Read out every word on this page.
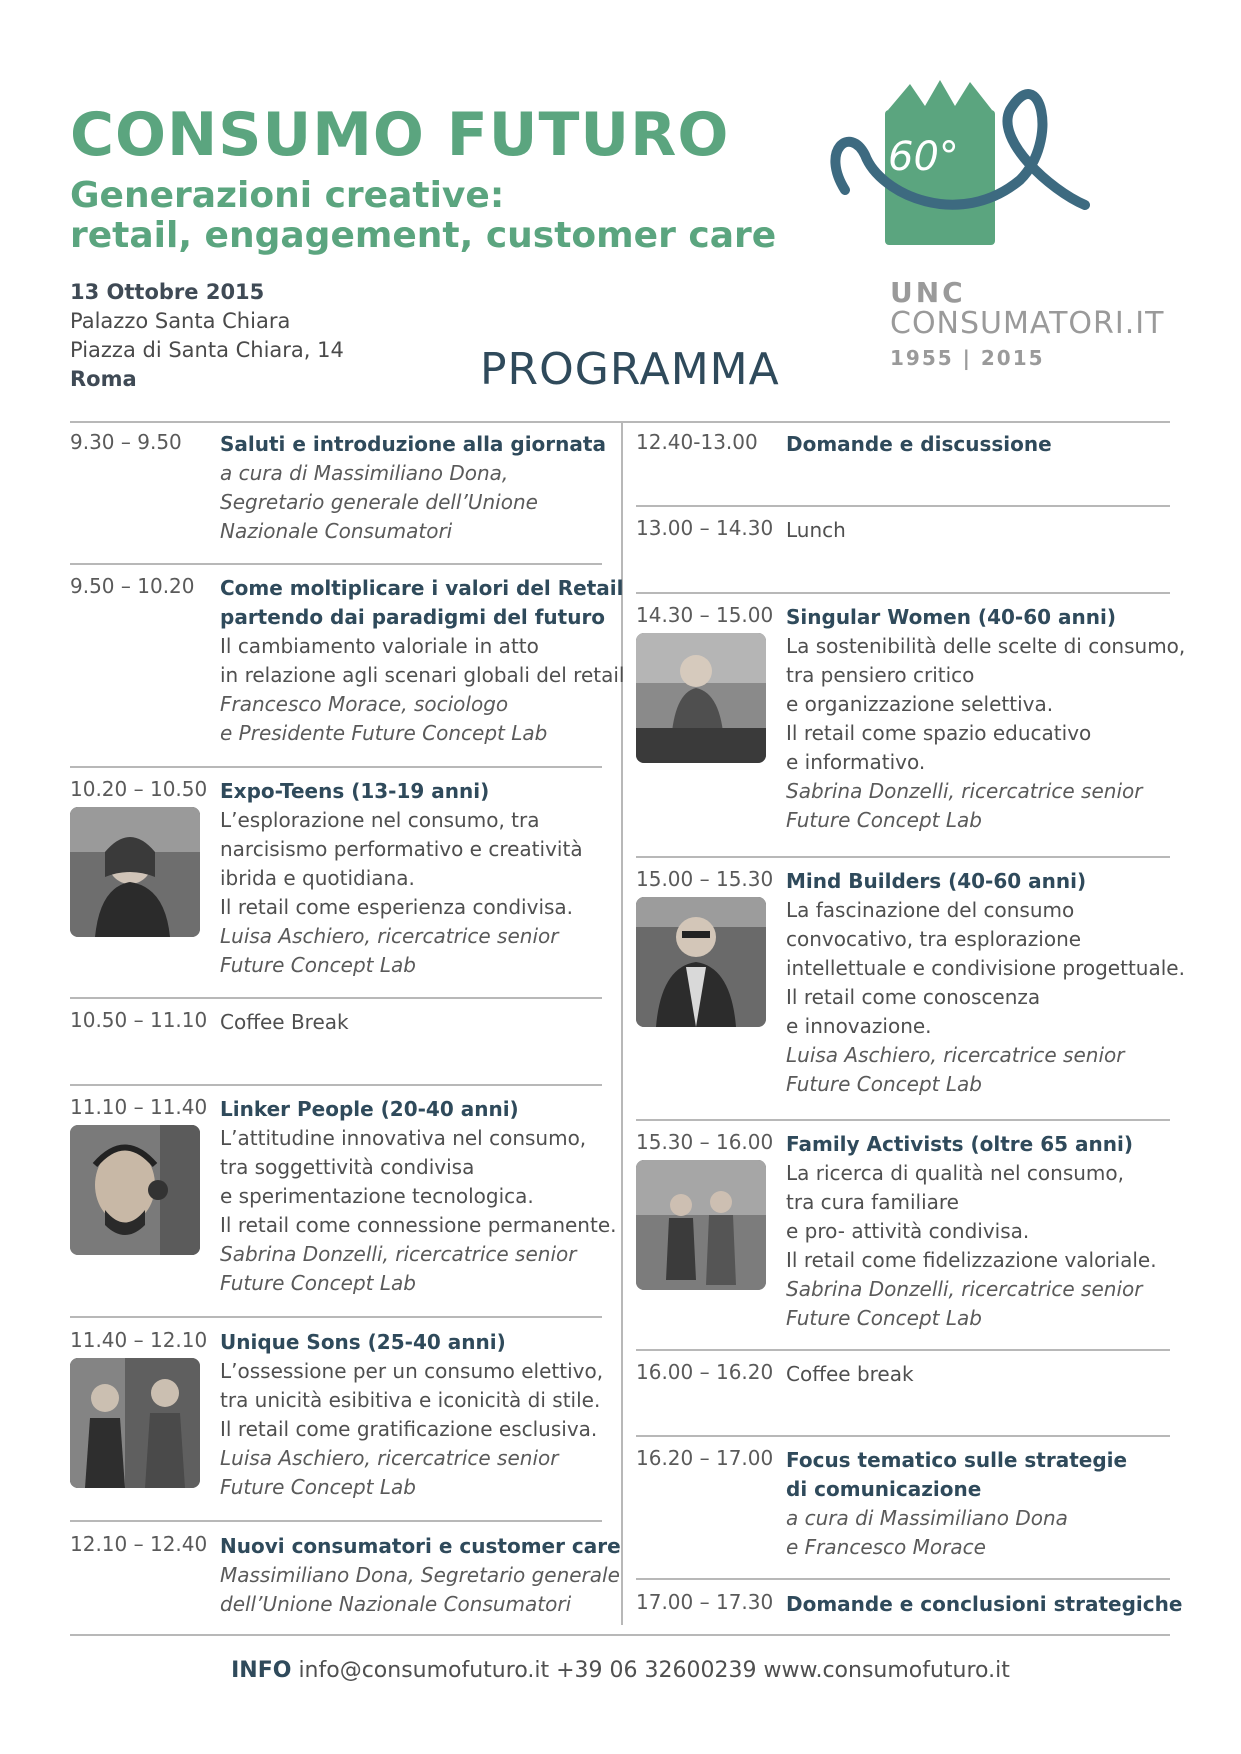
CONSUMO FUTURO
Generazioni creative:
retail, engagement, customer care
13 Ottobre 2015
Palazzo Santa Chiara
Piazza di Santa Chiara, 14
Roma	PROGRAMMA
60°
UNC
CONSUMATORI.IT
1955 | 2015
9.30 – 9.50 Saluti e introduzione alla giornata
a cura di Massimiliano Dona,
Segretario generale dell’Unione
Nazionale Consumatori
9.50 – 10.20 Come moltiplicare i valori del Retail
partendo dai paradigmi del futuro
Il cambiamento valoriale in atto
in relazione agli scenari globali del retail
Francesco Morace, sociologo
e Presidente Future Concept Lab
10.20 – 10.50 Expo-Teens (13-19 anni)
L’esplorazione nel consumo, tra
narcisismo performativo e creatività
ibrida e quotidiana.
Il retail come esperienza condivisa.
Luisa Aschiero, ricercatrice senior
Future Concept Lab
10.50 – 11.10 Coffee Break
11.10 – 11.40 Linker People (20-40 anni)
L’attitudine innovativa nel consumo,
tra soggettività condivisa
e sperimentazione tecnologica.
Il retail come connessione permanente.
Sabrina Donzelli, ricercatrice senior
Future Concept Lab
11.40 – 12.10 Unique Sons (25-40 anni)
L’ossessione per un consumo elettivo,
tra unicità esibitiva e iconicità di stile.
Il retail come gratificazione esclusiva.
Luisa Aschiero, ricercatrice senior
Future Concept Lab
12.10 – 12.40 Nuovi consumatori e customer care
Massimiliano Dona, Segretario generale
dell’Unione Nazionale Consumatori
12.40-13.00 Domande e discussione
13.00 – 14.30 Lunch
14.30 – 15.00 Singular Women (40-60 anni)
La sostenibilità delle scelte di consumo,
tra pensiero critico
e organizzazione selettiva.
Il retail come spazio educativo
e informativo.
Sabrina Donzelli, ricercatrice senior
Future Concept Lab
15.00 – 15.30 Mind Builders (40-60 anni)
La fascinazione del consumo
convocativo, tra esplorazione
intellettuale e condivisione progettuale.
Il retail come conoscenza
e innovazione.
Luisa Aschiero, ricercatrice senior
Future Concept Lab
15.30 – 16.00 Family Activists (oltre 65 anni)
La ricerca di qualità nel consumo,
tra cura familiare
e pro- attività condivisa.
Il retail come fidelizzazione valoriale.
Sabrina Donzelli, ricercatrice senior
Future Concept Lab
16.00 – 16.20 Coffee break
16.20 – 17.00 Focus tematico sulle strategie
di comunicazione
a cura di Massimiliano Dona
e Francesco Morace
17.00 – 17.30 Domande e conclusioni strategiche
INFO info@consumofuturo.it +39 06 32600239 www.consumofuturo.it
